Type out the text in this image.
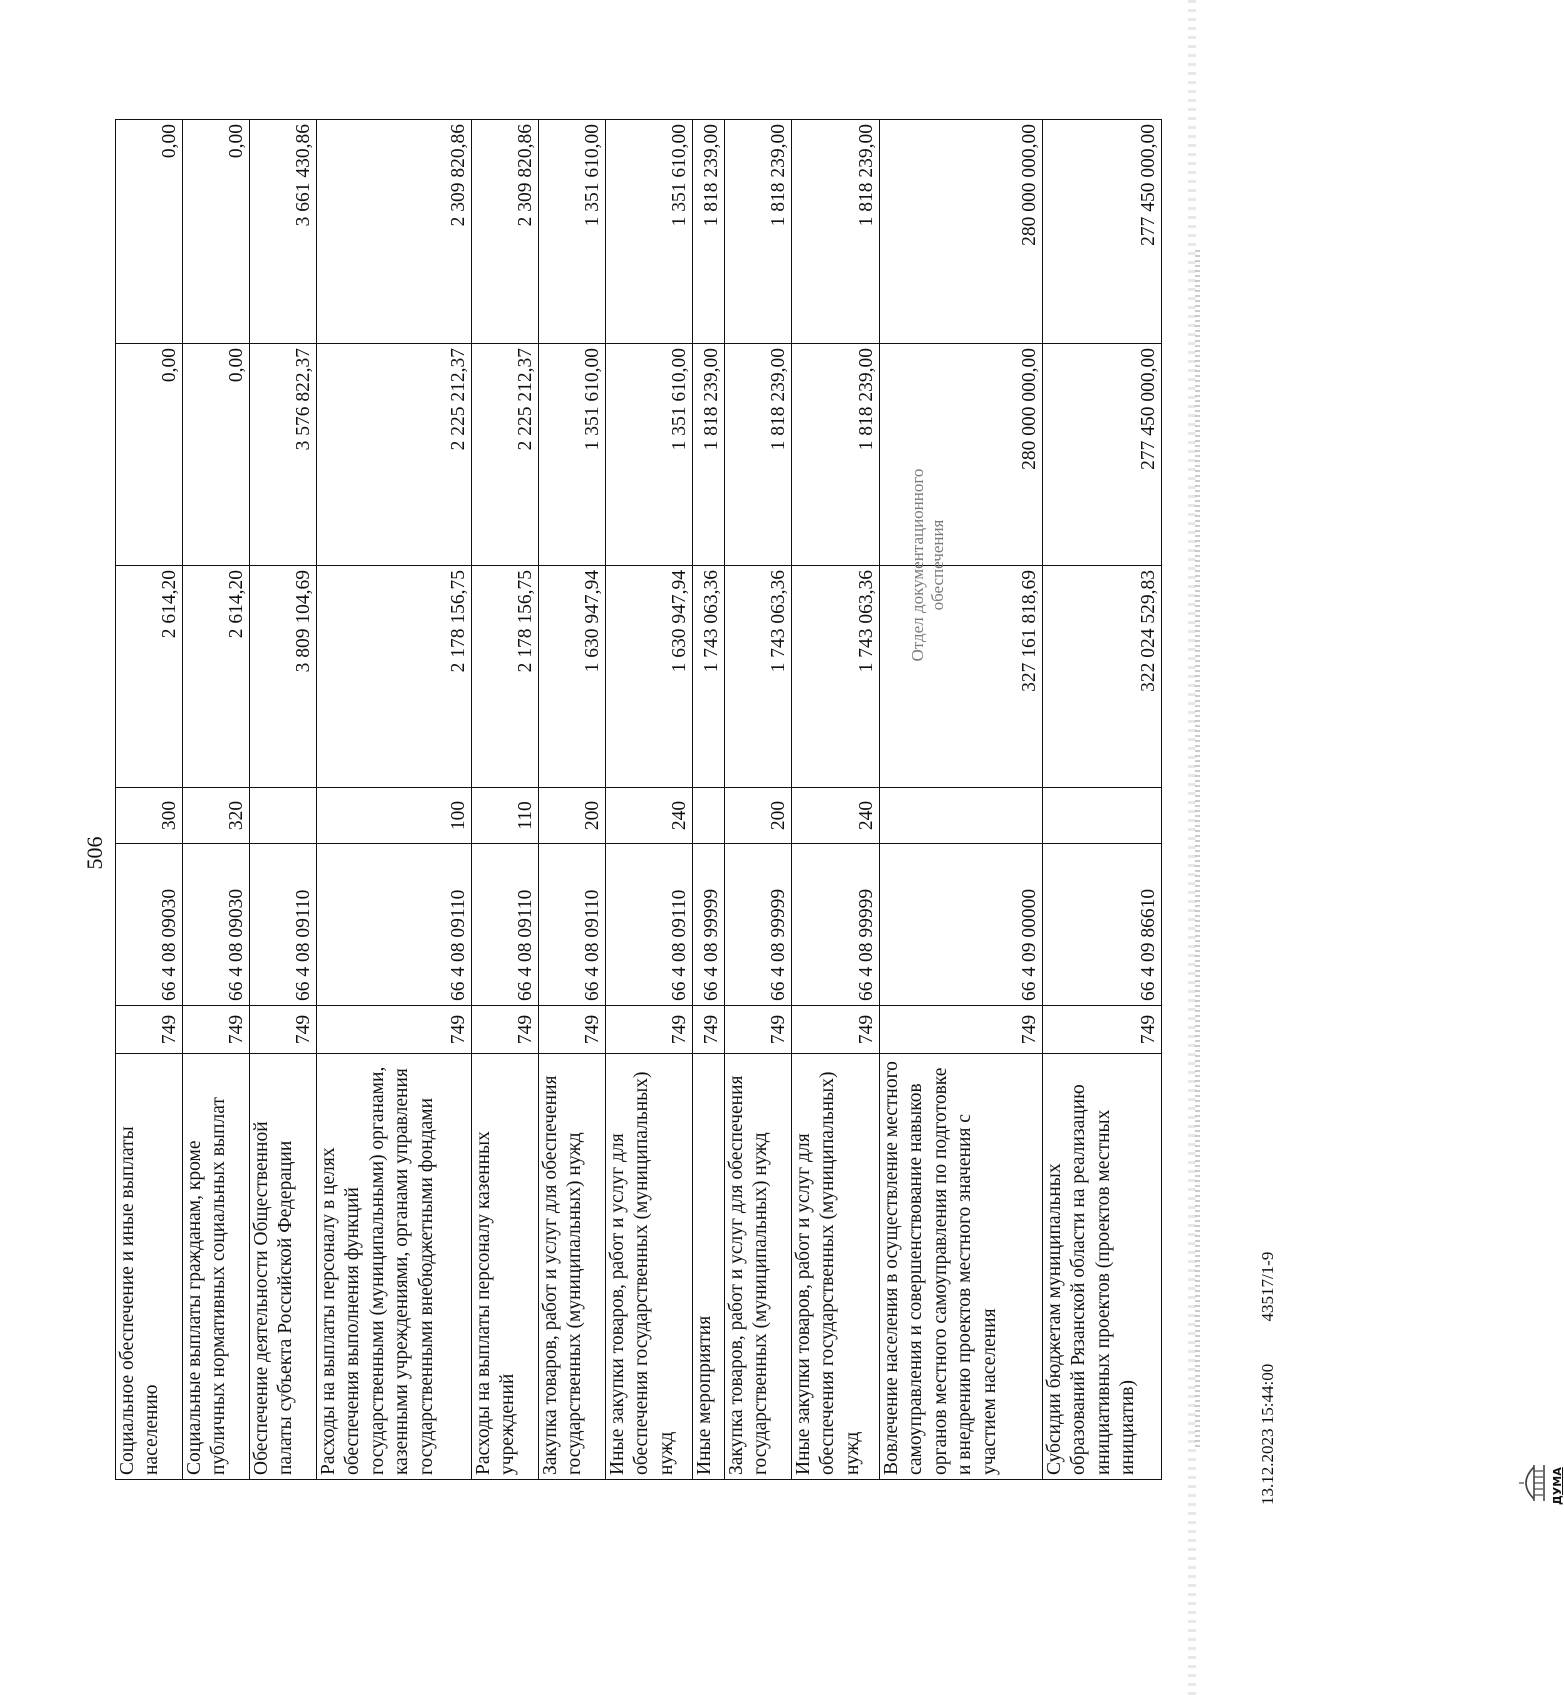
506
Социальное обеспечение и иные выплаты населению	749	66 4 08 09030	300	2 614,20	0,00	0,00
Социальные выплаты гражданам, кроме публичных нормативных социальных выплат	749	66 4 08 09030	320	2 614,20	0,00	0,00
Обеспечение деятельности Общественной палаты субъекта Российской Федерации	749	66 4 08 09110		3 809 104,69	3 576 822,37	3 661 430,86
Расходы на выплаты персоналу в целях обеспечения выполнения функций государственными (муниципальными) органами, казенными учреждениями, органами управления государственными внебюджетными фондами	749	66 4 08 09110	100	2 178 156,75	2 225 212,37	2 309 820,86
Расходы на выплаты персоналу казенных учреждений	749	66 4 08 09110	110	2 178 156,75	2 225 212,37	2 309 820,86
Закупка товаров, работ и услуг для обеспечения государственных (муниципальных) нужд	749	66 4 08 09110	200	1 630 947,94	1 351 610,00	1 351 610,00
Иные закупки товаров, работ и услуг для обеспечения государственных (муниципальных) нужд	749	66 4 08 09110	240	1 630 947,94	1 351 610,00	1 351 610,00
Иные мероприятия	749	66 4 08 99999		1 743 063,36	1 818 239,00	1 818 239,00
Закупка товаров, работ и услуг для обеспечения государственных (муниципальных) нужд	749	66 4 08 99999	200	1 743 063,36	1 818 239,00	1 818 239,00
Иные закупки товаров, работ и услуг для обеспечения государственных (муниципальных) нужд	749	66 4 08 99999	240	1 743 063,36	1 818 239,00	1 818 239,00
Вовлечение населения в осуществление местного самоуправления и совершенствование навыков органов местного самоуправления по подготовке и внедрению проектов местного значения с участием населения	749	66 4 09 00000		327 161 818,69	280 000 000,00	280 000 000,00
Субсидии бюджетам муниципальных образований Рязанской области на реализацию инициативных проектов (проектов местных инициатив)	749	66 4 09 86610		322 024 529,83	277 450 000,00	277 450 000,00
Отдел документационного обеспечения
13.12.2023 15:44:00 43517/1-9
ДУМА
